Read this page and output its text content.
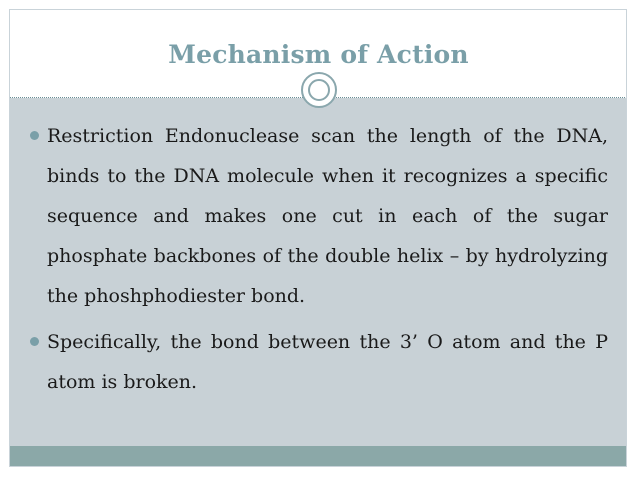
Mechanism of Action

Restriction Endonuclease scan the length of the DNA, binds to the DNA molecule when it recognizes a specific sequence and makes one cut in each of the sugar phosphate backbones of the double helix – by hydrolyzing the phoshphodiester bond.

Specifically, the bond between the 3’ O atom and the P atom is broken.
